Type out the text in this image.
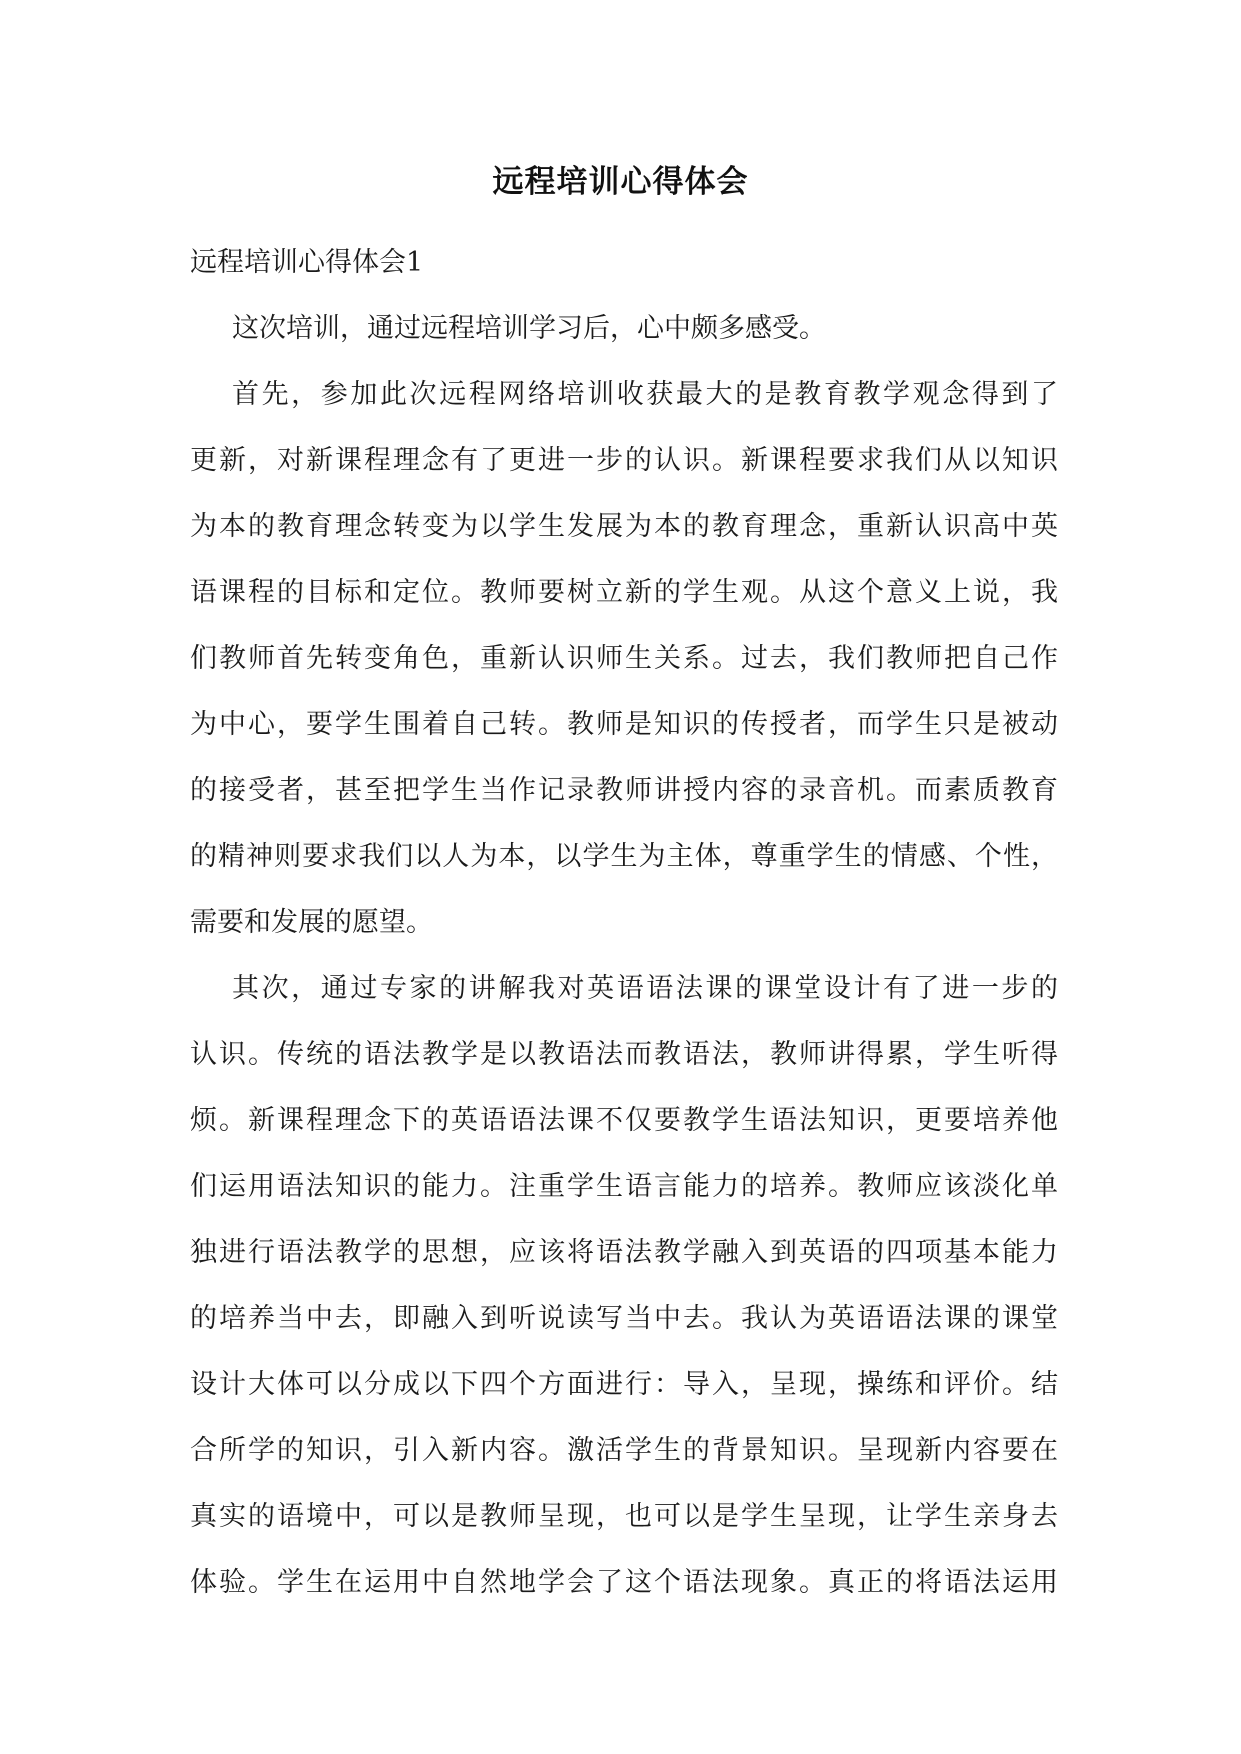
远程培训心得体会

远程培训心得体会1

这次培训，通过远程培训学习后，心中颇多感受。
首先，参加此次远程网络培训收获最大的是教育教学观念得到了
更新，对新课程理念有了更进一步的认识。新课程要求我们从以知识
为本的教育理念转变为以学生发展为本的教育理念，重新认识高中英
语课程的目标和定位。教师要树立新的学生观。从这个意义上说，我
们教师首先转变角色，重新认识师生关系。过去，我们教师把自己作
为中心，要学生围着自己转。教师是知识的传授者，而学生只是被动
的接受者，甚至把学生当作记录教师讲授内容的录音机。而素质教育
的精神则要求我们以人为本，以学生为主体，尊重学生的情感、个性，
需要和发展的愿望。
其次，通过专家的讲解我对英语语法课的课堂设计有了进一步的
认识。传统的语法教学是以教语法而教语法，教师讲得累，学生听得
烦。新课程理念下的英语语法课不仅要教学生语法知识，更要培养他
们运用语法知识的能力。注重学生语言能力的培养。教师应该淡化单
独进行语法教学的思想，应该将语法教学融入到英语的四项基本能力
的培养当中去，即融入到听说读写当中去。我认为英语语法课的课堂
设计大体可以分成以下四个方面进行：导入，呈现，操练和评价。结
合所学的知识，引入新内容。激活学生的背景知识。呈现新内容要在
真实的语境中，可以是教师呈现，也可以是学生呈现，让学生亲身去
体验。学生在运用中自然地学会了这个语法现象。真正的将语法运用
